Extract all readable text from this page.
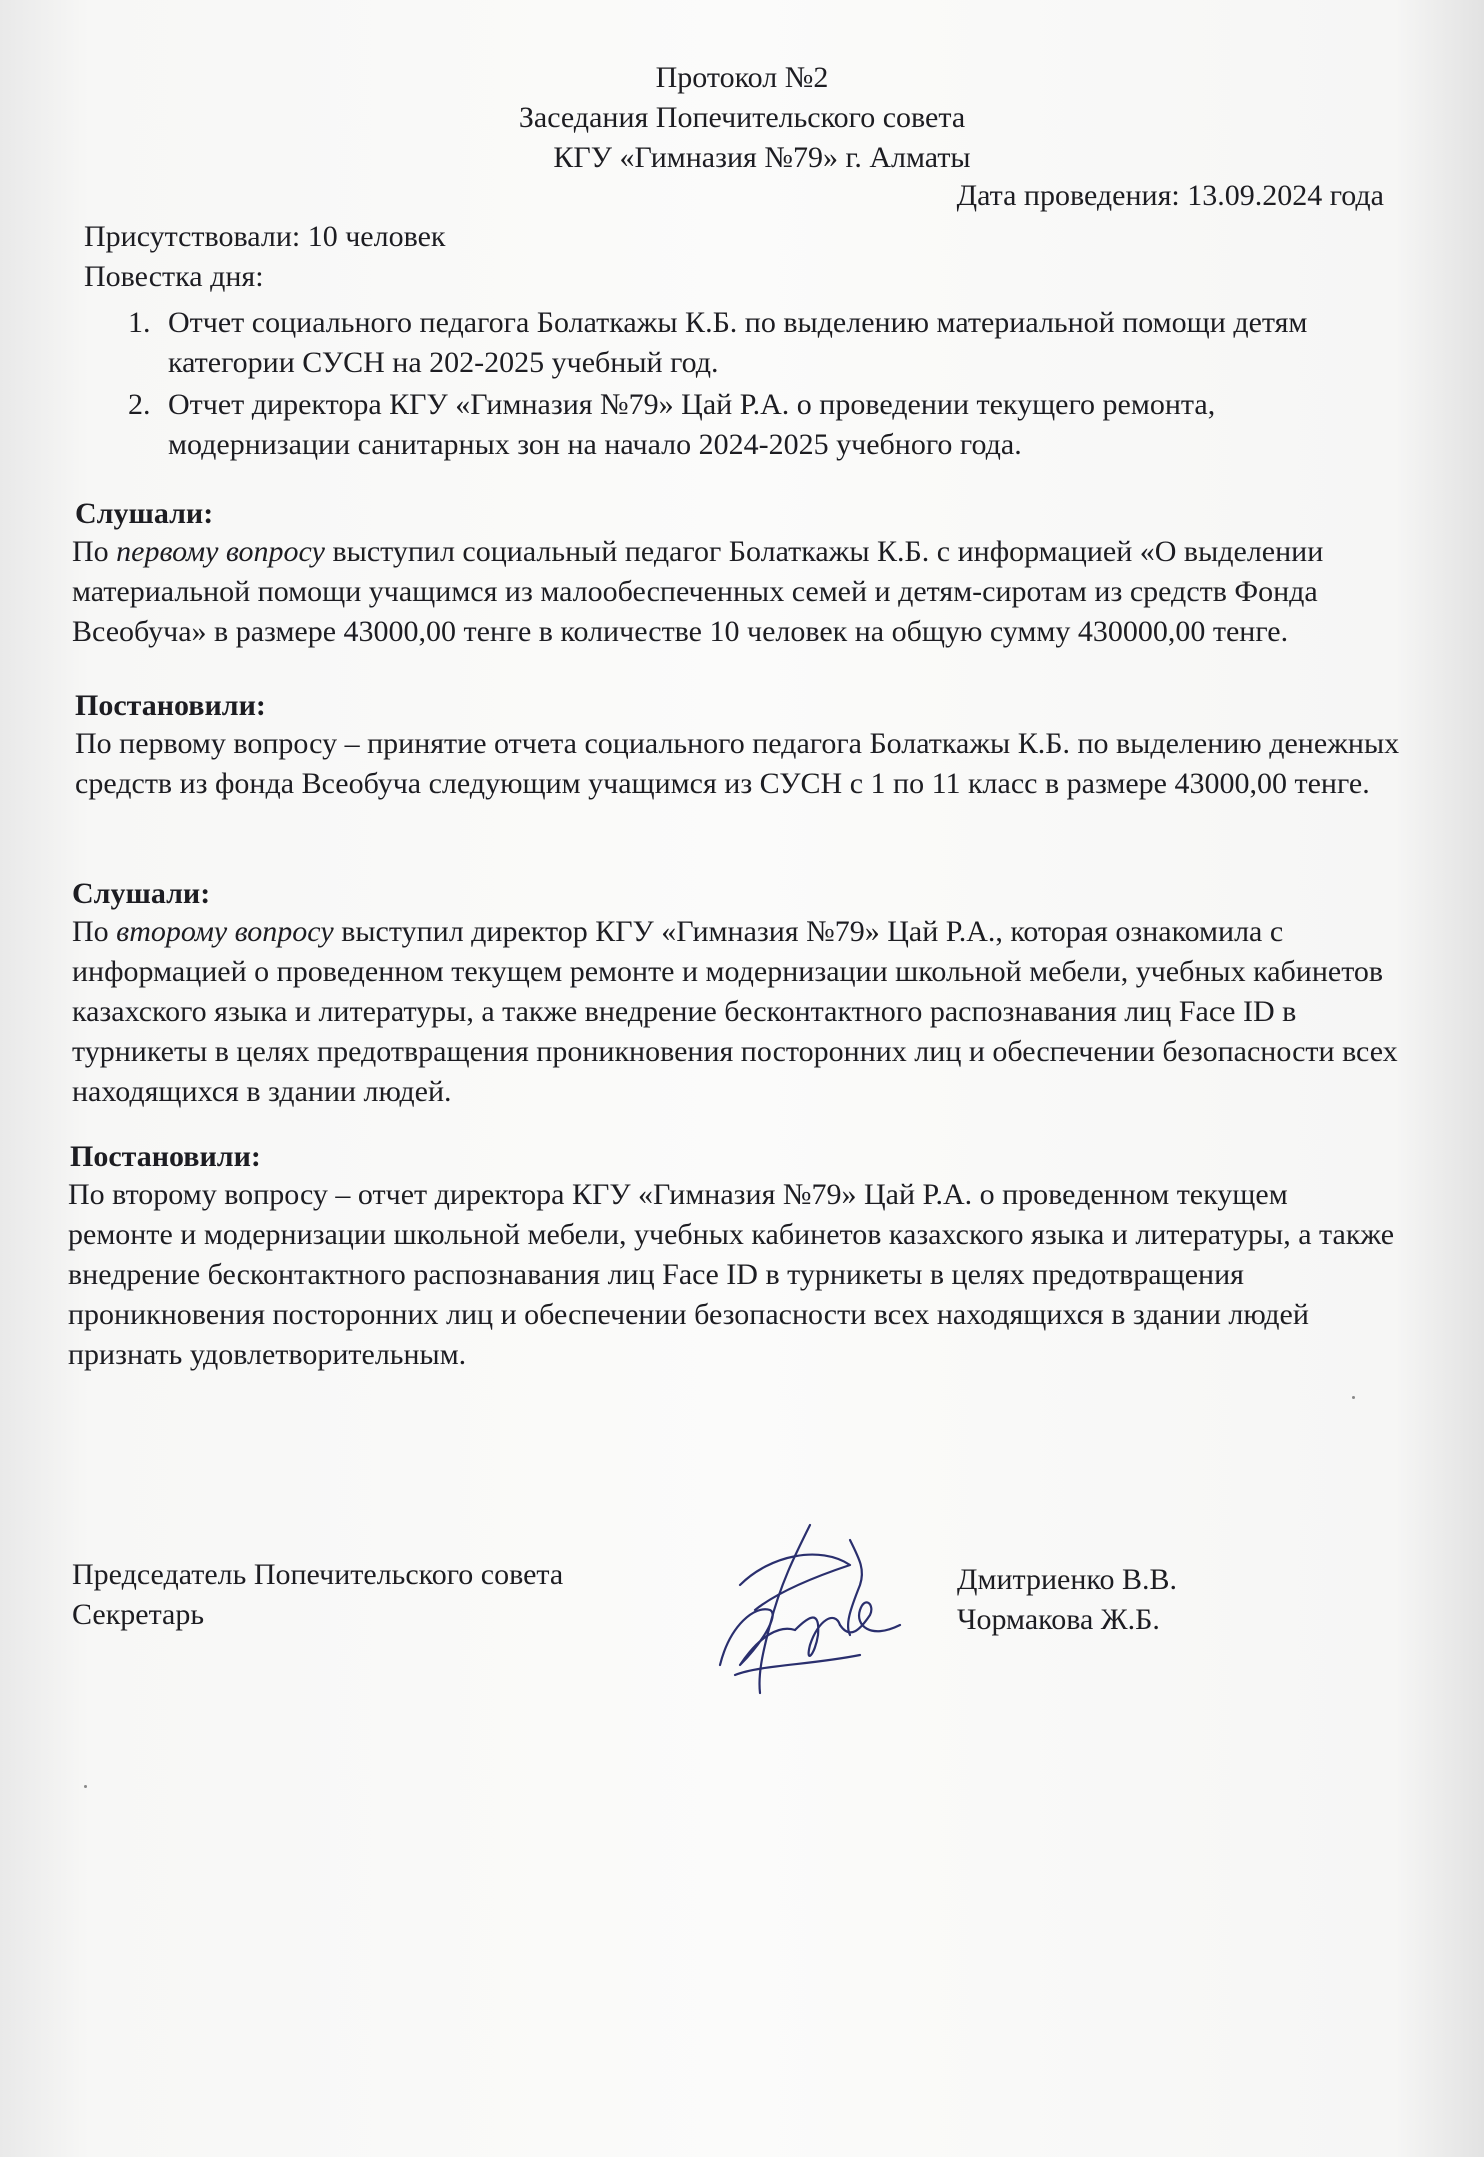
Протокол №2
Заседания Попечительского совета
КГУ «Гимназия №79» г. Алматы
Дата проведения: 13.09.2024 года
Присутствовали: 10 человек
Повестка дня:
1. Отчет социального педагога Болаткажы К.Б. по выделению материальной помощи детям категории СУСН на 202-2025 учебный год.
2. Отчет директора КГУ «Гимназия №79» Цай Р.А. о проведении текущего ремонта, модернизации санитарных зон на начало 2024-2025 учебного года.
Слушали:
По первому вопросу выступил социальный педагог Болаткажы К.Б. с информацией «О выделении материальной помощи учащимся из малообеспеченных семей и детям-сиротам из средств Фонда Всеобуча» в размере 43000,00 тенге в количестве 10 человек на общую сумму 430000,00 тенге.
Постановили:
По первому вопросу – принятие отчета социального педагога Болаткажы К.Б. по выделению денежных средств из фонда Всеобуча следующим учащимся из СУСН с 1 по 11 класс в размере 43000,00 тенге.
Слушали:
По второму вопросу выступил директор КГУ «Гимназия №79» Цай Р.А., которая ознакомила с информацией о проведенном текущем ремонте и модернизации школьной мебели, учебных кабинетов казахского языка и литературы, а также внедрение бесконтактного распознавания лиц Face ID в турникеты в целях предотвращения проникновения посторонних лиц и обеспечении безопасности всех находящихся в здании людей.
Постановили:
По второму вопросу – отчет директора КГУ «Гимназия №79» Цай Р.А. о проведенном текущем ремонте и модернизации школьной мебели, учебных кабинетов казахского языка и литературы, а также внедрение бесконтактного распознавания лиц Face ID в турникеты в целях предотвращения проникновения посторонних лиц и обеспечении безопасности всех находящихся в здании людей признать удовлетворительным.
Председатель Попечительского совета
Секретарь
Дмитриенко В.В.
Чормакова Ж.Б.
